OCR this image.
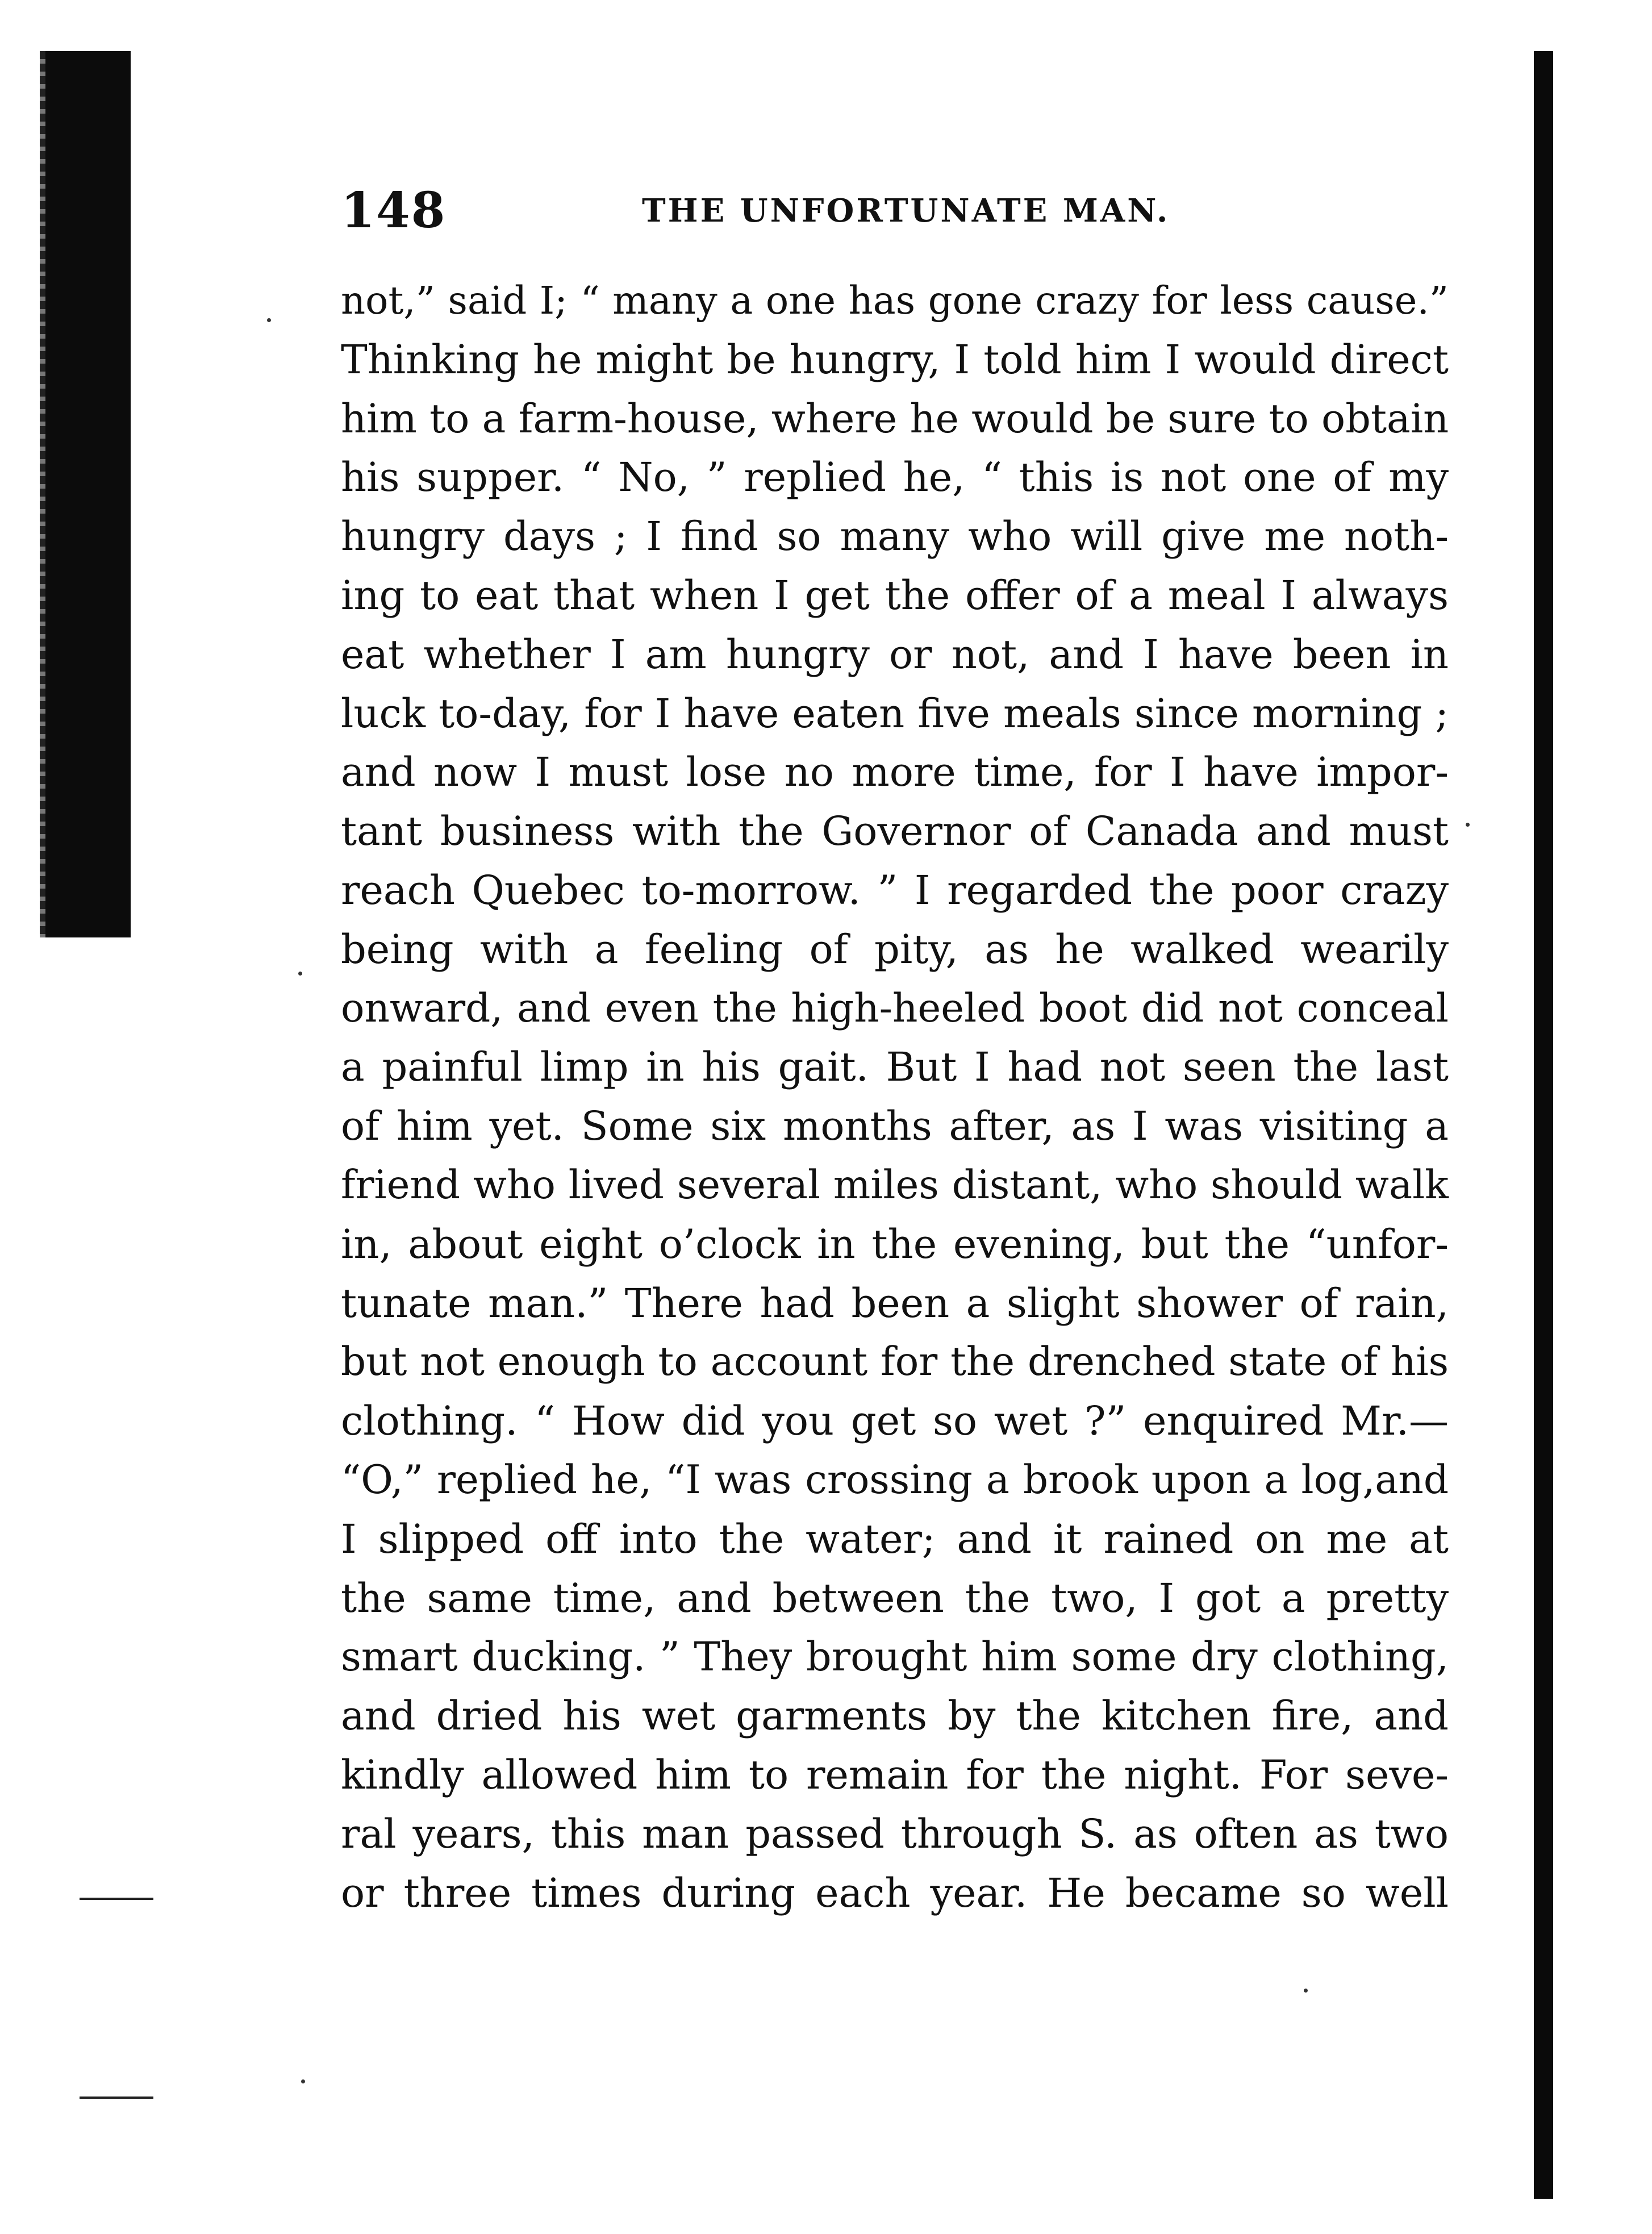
148	THE UNFORTUNATE MAN.
not,” said I; “ many a one has gone crazy for less cause.”
Thinking he might be hungry, I told him I would direct
him to a farm-house, where he would be sure to obtain
his supper. “ No, ” replied he, “ this is not one of my
hungry days ; I find so many who will give me noth-
ing to eat that when I get the offer of a meal I always
eat whether I am hungry or not, and I have been in
luck to-day, for I have eaten five meals since morning ;
and now I must lose no more time, for I have impor-
tant business with the Governor of Canada and must
reach Quebec to-morrow. ” I regarded the poor crazy
being with a feeling of pity, as he walked wearily
onward, and even the high-heeled boot did not conceal
a painful limp in his gait. But I had not seen the last
of him yet. Some six months after, as I was visiting a
friend who lived several miles distant, who should walk
in, about eight o’clock in the evening, but the “unfor-
tunate man.” There had been a slight shower of rain,
but not enough to account for the drenched state of his
clothing. “ How did you get so wet ?” enquired Mr.—
“O,” replied he, “I was crossing a brook upon a log,and
I slipped off into the water; and it rained on me at
the same time, and between the two, I got a pretty
smart ducking. ” They brought him some dry clothing,
and dried his wet garments by the kitchen fire, and
kindly allowed him to remain for the night. For seve-
ral years, this man passed through S. as often as two
or three times during each year. He became so well
